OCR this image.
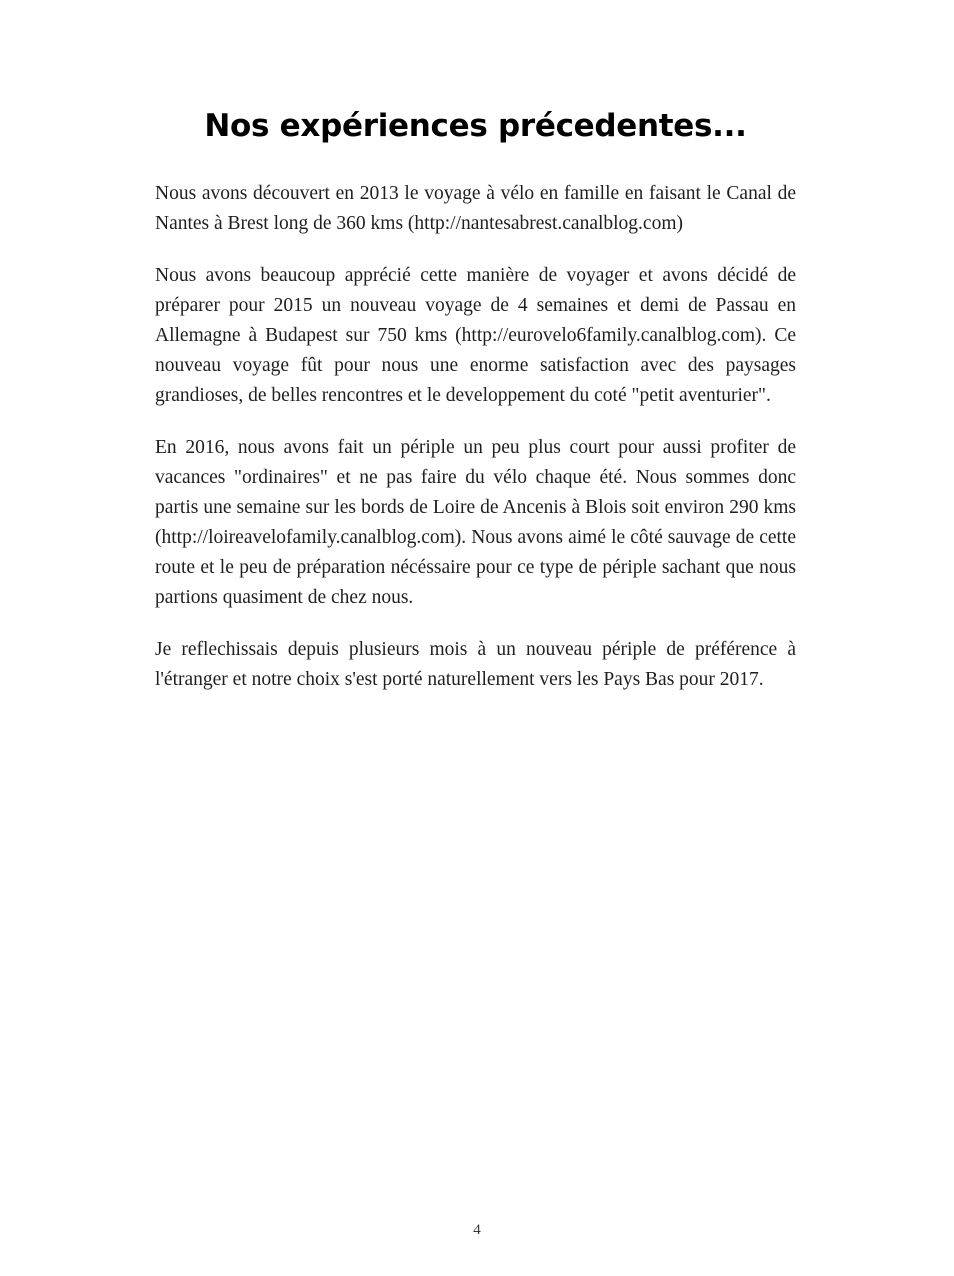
Nos expériences précedentes...

Nous avons découvert en 2013 le voyage à vélo en famille en faisant le Canal de Nantes à Brest long de 360 kms (http://nantesabrest.canalblog.com)

Nous avons beaucoup apprécié cette manière de voyager et avons décidé de préparer pour 2015 un nouveau voyage de 4 semaines et demi de Passau en Allemagne à Budapest sur 750 kms (http://eurovelo6family.canalblog.com). Ce nouveau voyage fût pour nous une enorme satisfaction avec des paysages grandioses, de belles rencontres et le developpement du coté "petit aventurier".

En 2016, nous avons fait un périple un peu plus court pour aussi profiter de vacances "ordinaires" et ne pas faire du vélo chaque été. Nous sommes donc partis une semaine sur les bords de Loire de Ancenis à Blois soit environ 290 kms (http://loireavelofamily.canalblog.com). Nous avons aimé le côté sauvage de cette route et le peu de préparation nécéssaire pour ce type de périple sachant que nous partions quasiment de chez nous.

Je reflechissais depuis plusieurs mois à un nouveau périple de préférence à l'étranger et notre choix s'est porté naturellement vers les Pays Bas pour 2017.

4
